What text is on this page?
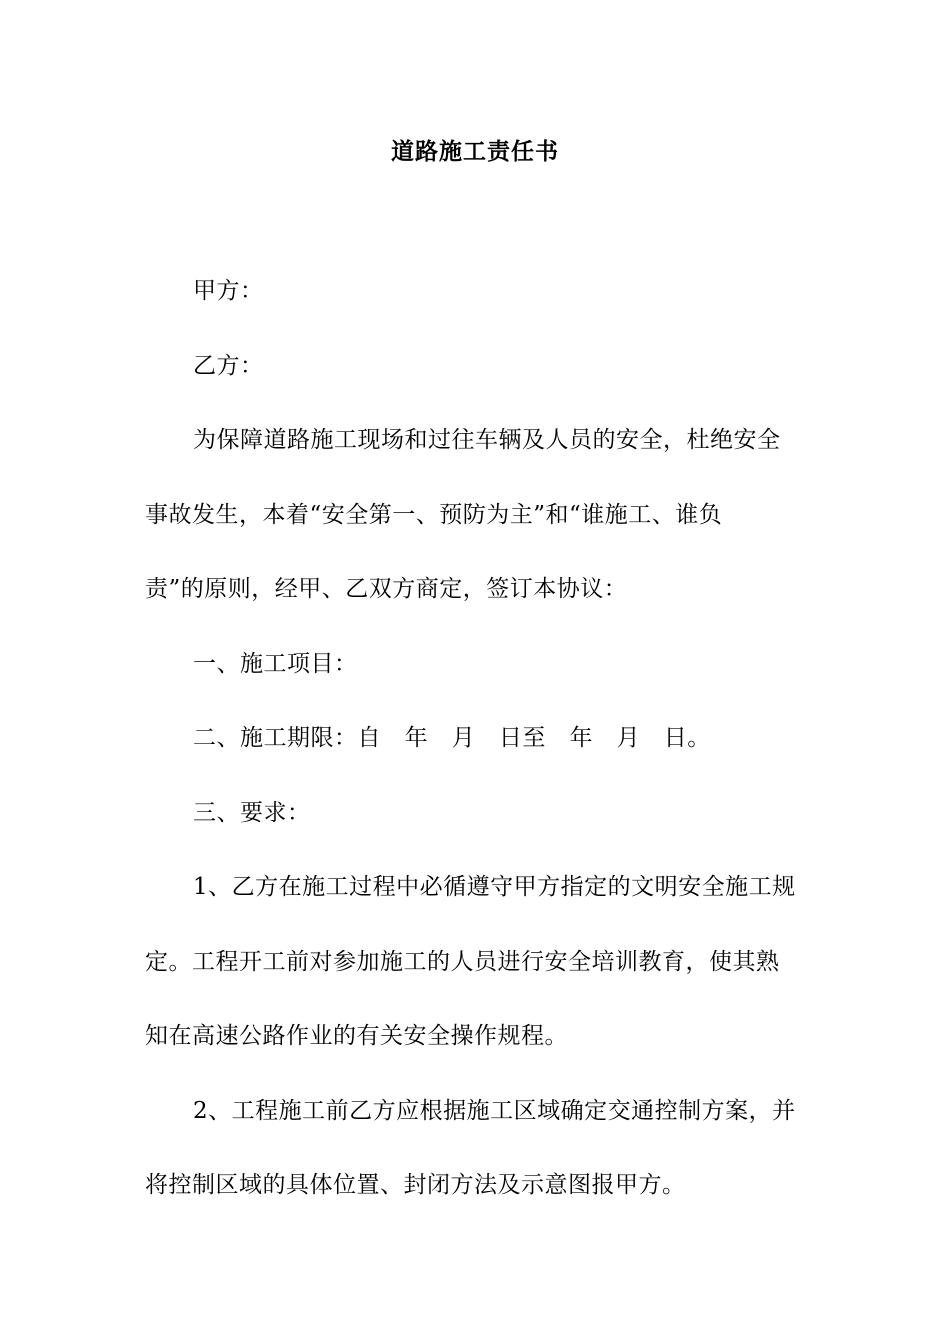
道路施工责任书

甲方：

乙方：

为保障道路施工现场和过往车辆及人员的安全，杜绝安全
事故发生，本着“安全第一、预防为主”和“谁施工、谁负
责”的原则，经甲、乙双方商定，签订本协议：

一、施工项目：

二、施工期限：自  年  月  日至  年  月  日。

三、要求：

1、乙方在施工过程中必循遵守甲方指定的文明安全施工规
定。工程开工前对参加施工的人员进行安全培训教育，使其熟
知在高速公路作业的有关安全操作规程。
2、工程施工前乙方应根据施工区域确定交通控制方案，并
将控制区域的具体位置、封闭方法及示意图报甲方。
